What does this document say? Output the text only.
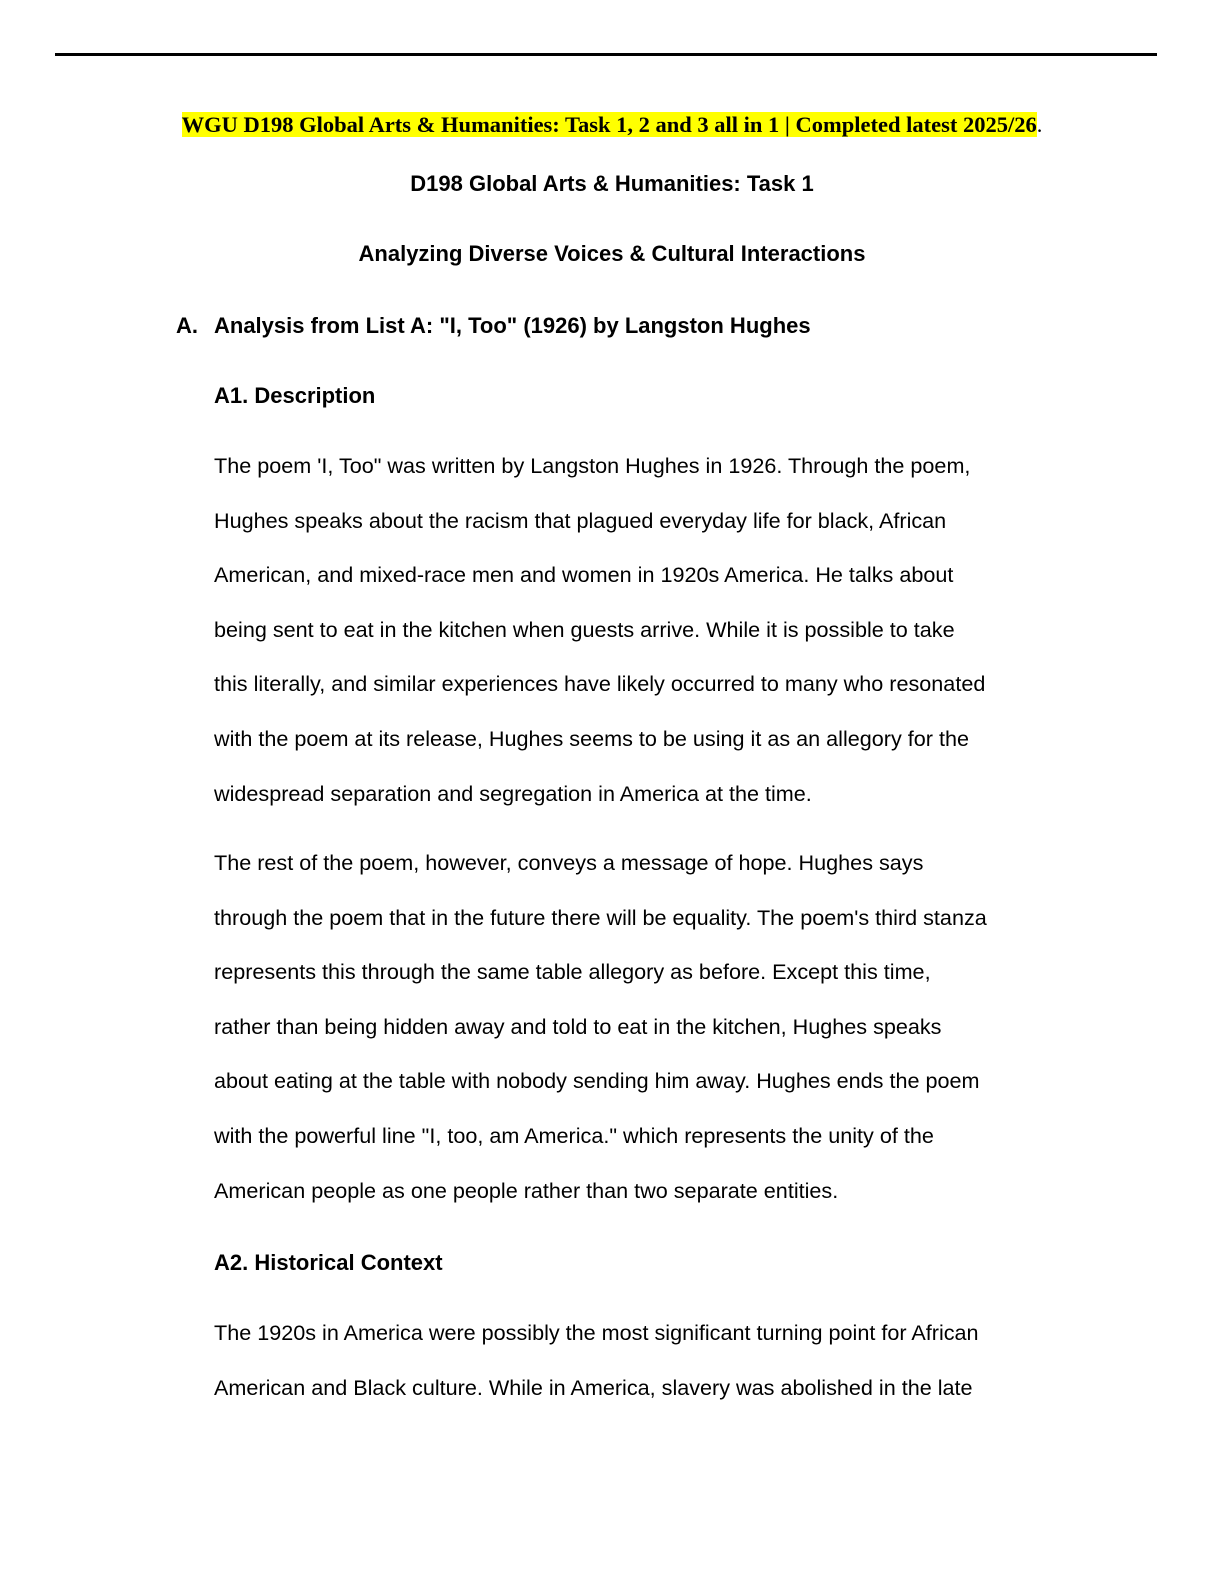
WGU D198 Global Arts & Humanities: Task 1, 2 and 3 all in 1 | Completed latest 2025/26.
D198 Global Arts & Humanities: Task 1
Analyzing Diverse Voices & Cultural Interactions
A. Analysis from List A: "I, Too" (1926) by Langston Hughes
A1. Description
The poem 'I, Too" was written by Langston Hughes in 1926. Through the poem,
Hughes speaks about the racism that plagued everyday life for black, African
American, and mixed-race men and women in 1920s America. He talks about
being sent to eat in the kitchen when guests arrive. While it is possible to take
this literally, and similar experiences have likely occurred to many who resonated
with the poem at its release, Hughes seems to be using it as an allegory for the
widespread separation and segregation in America at the time.
The rest of the poem, however, conveys a message of hope. Hughes says
through the poem that in the future there will be equality. The poem's third stanza
represents this through the same table allegory as before. Except this time,
rather than being hidden away and told to eat in the kitchen, Hughes speaks
about eating at the table with nobody sending him away. Hughes ends the poem
with the powerful line "I, too, am America." which represents the unity of the
American people as one people rather than two separate entities.
A2. Historical Context
The 1920s in America were possibly the most significant turning point for African
American and Black culture. While in America, slavery was abolished in the late
